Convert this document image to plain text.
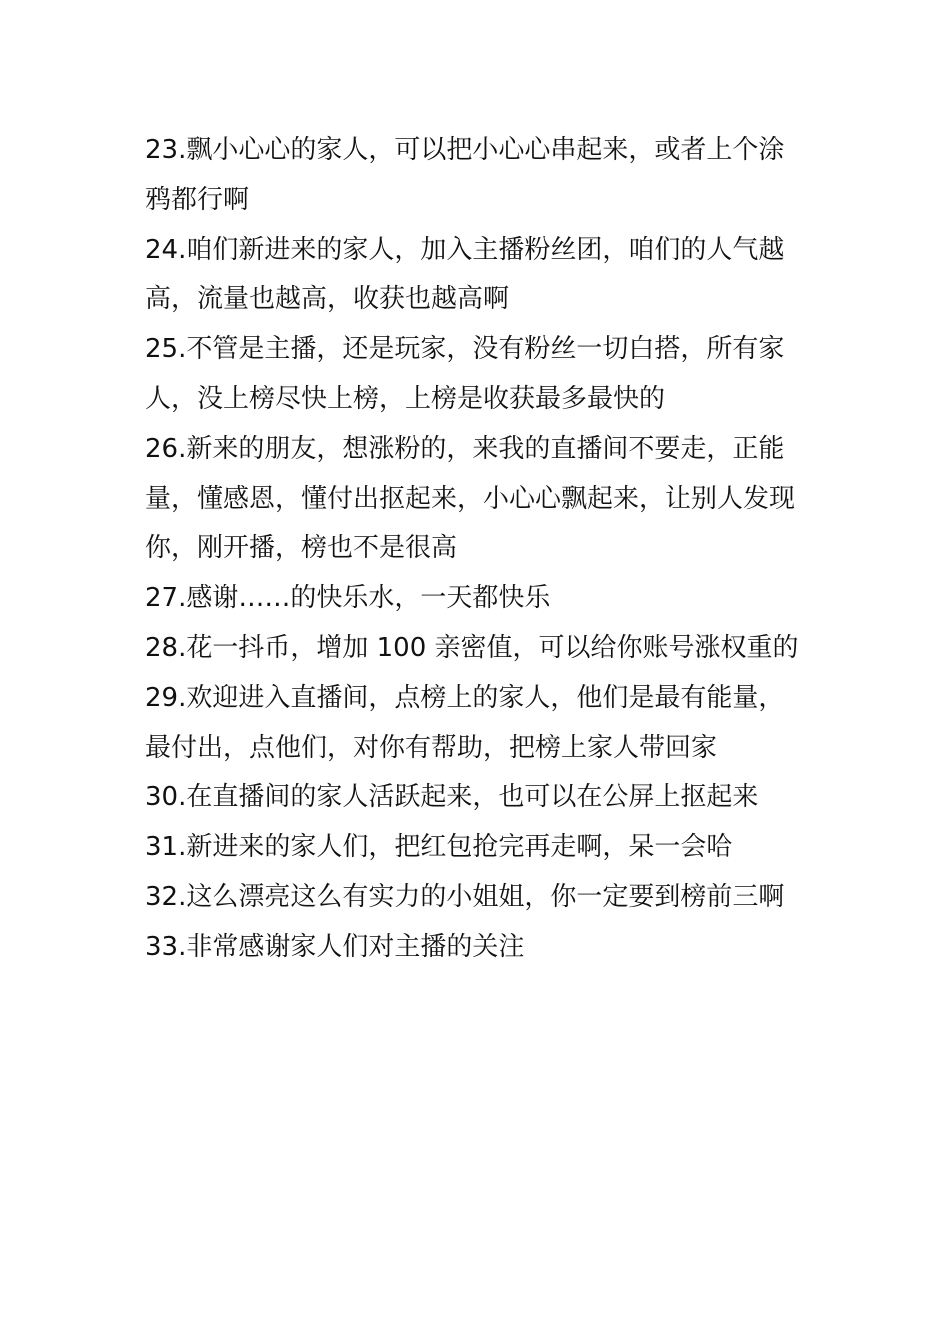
23.飘小心心的家人，可以把小心心串起来，或者上个涂鸦都行啊

24.咱们新进来的家人，加入主播粉丝团，咱们的人气越高，流量也越高，收获也越高啊

25.不管是主播，还是玩家，没有粉丝一切白搭，所有家人，没上榜尽快上榜，上榜是收获最多最快的

26.新来的朋友，想涨粉的，来我的直播间不要走，正能量，懂感恩，懂付出抠起来，小心心飘起来，让别人发现你，刚开播，榜也不是很高

27.感谢……的快乐水，一天都快乐

28.花一抖币，增加 100 亲密值，可以给你账号涨权重的

29.欢迎进入直播间，点榜上的家人，他们是最有能量，最付出，点他们，对你有帮助，把榜上家人带回家

30.在直播间的家人活跃起来，也可以在公屏上抠起来

31.新进来的家人们，把红包抢完再走啊，呆一会哈

32.这么漂亮这么有实力的小姐姐，你一定要到榜前三啊

33.非常感谢家人们对主播的关注
